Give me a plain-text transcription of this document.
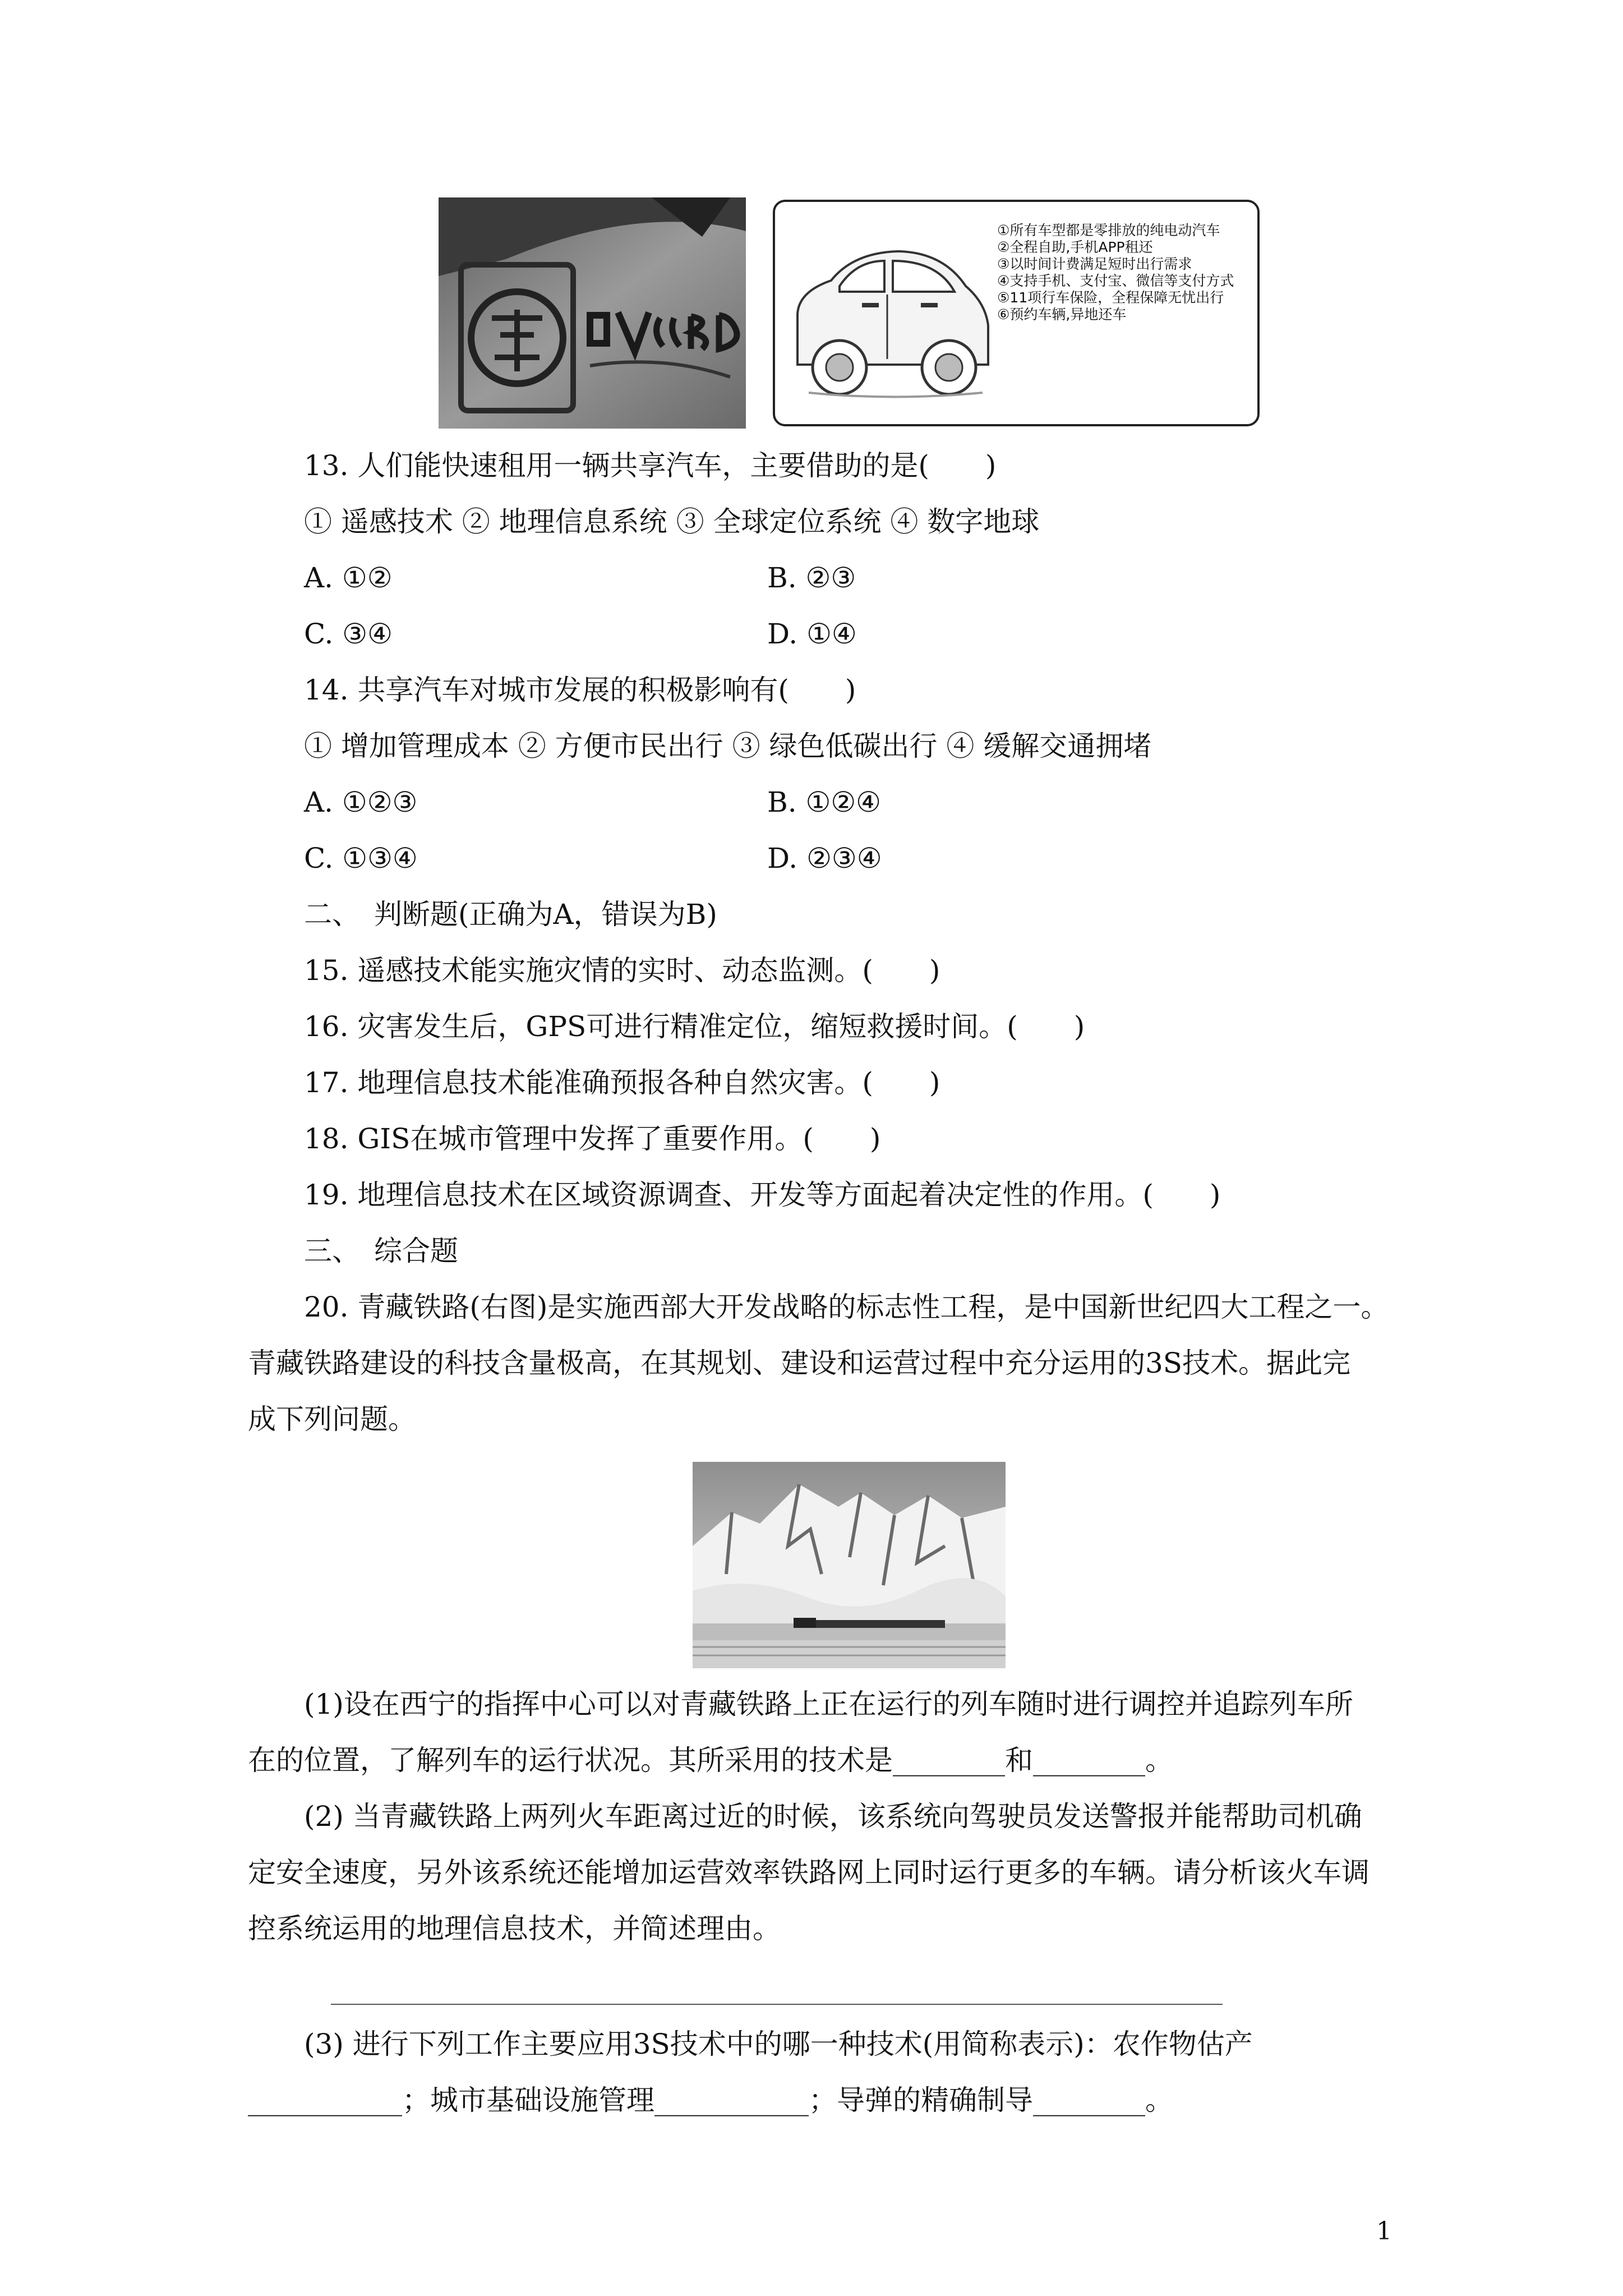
①所有车型都是零排放的纯电动汽车
②全程自助,手机APP租还
③以时间计费满足短时出行需求
④支持手机、支付宝、微信等支付方式
⑤11项行车保险，全程保障无忧出行
⑥预约车辆,异地还车
13. 人们能快速租用一辆共享汽车，主要借助的是(　　)
① 遥感技术 ② 地理信息系统 ③ 全球定位系统 ④ 数字地球
A. ①②	B. ②③
C. ③④	D. ①④
14. 共享汽车对城市发展的积极影响有(　　)
① 增加管理成本 ② 方便市民出行 ③ 绿色低碳出行 ④ 缓解交通拥堵
A. ①②③	B. ①②④
C. ①③④	D. ②③④
二、　判断题(正确为A，错误为B)
15. 遥感技术能实施灾情的实时、动态监测。(　　)
16. 灾害发生后，GPS可进行精准定位，缩短救援时间。(　　)
17. 地理信息技术能准确预报各种自然灾害。(　　)
18. GIS在城市管理中发挥了重要作用。(　　)
19. 地理信息技术在区域资源调查、开发等方面起着决定性的作用。(　　)
三、　综合题
20. 青藏铁路(右图)是实施西部大开发战略的标志性工程，是中国新世纪四大工程之一。
青藏铁路建设的科技含量极高，在其规划、建设和运营过程中充分运用的3S技术。据此完
成下列问题。
(1)设在西宁的指挥中心可以对青藏铁路上正在运行的列车随时进行调控并追踪列车所
在的位置，了解列车的运行状况。其所采用的技术是________和________。
(2) 当青藏铁路上两列火车距离过近的时候，该系统向驾驶员发送警报并能帮助司机确
定安全速度，另外该系统还能增加运营效率铁路网上同时运行更多的车辆。请分析该火车调
控系统运用的地理信息技术，并简述理由。
(3) 进行下列工作主要应用3S技术中的哪一种技术(用简称表示)：农作物估产
___________；城市基础设施管理___________；导弹的精确制导________。
1
